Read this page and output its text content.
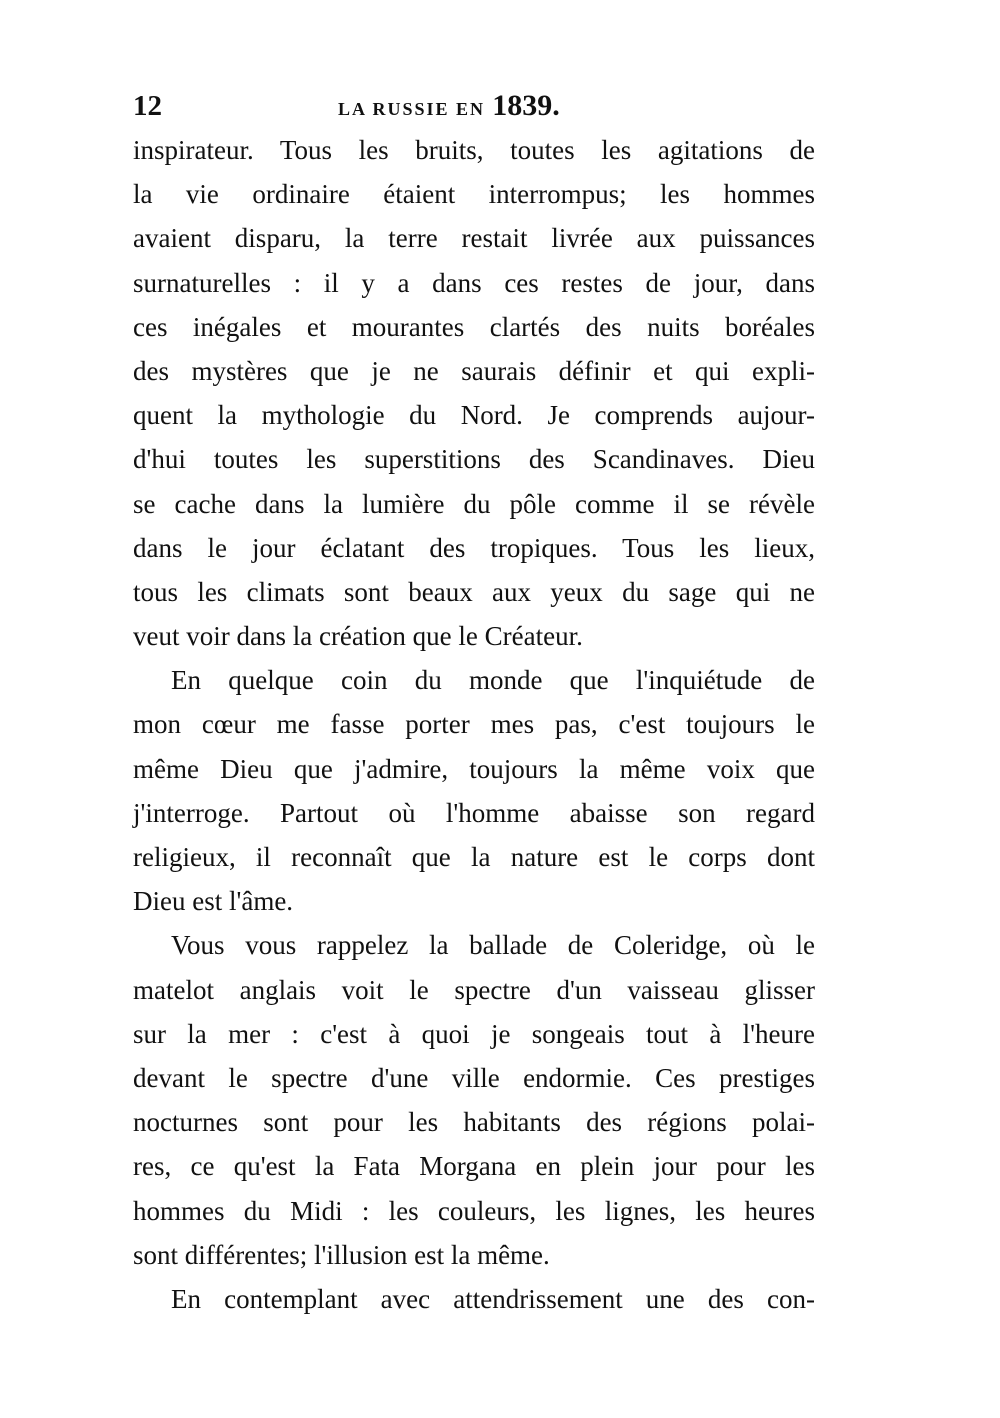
12	LA RUSSIE EN 1839.
inspirateur. Tous les bruits, toutes les agitations de
la vie ordinaire étaient interrompus; les hommes
avaient disparu, la terre restait livrée aux puissances
surnaturelles : il y a dans ces restes de jour, dans
ces inégales et mourantes clartés des nuits boréales
des mystères que je ne saurais définir et qui expli-
quent la mythologie du Nord. Je comprends aujour-
d'hui toutes les superstitions des Scandinaves. Dieu
se cache dans la lumière du pôle comme il se révèle
dans le jour éclatant des tropiques. Tous les lieux,
tous les climats sont beaux aux yeux du sage qui ne
veut voir dans la création que le Créateur.
En quelque coin du monde que l'inquiétude de
mon cœur me fasse porter mes pas, c'est toujours le
même Dieu que j'admire, toujours la même voix que
j'interroge. Partout où l'homme abaisse son regard
religieux, il reconnaît que la nature est le corps dont
Dieu est l'âme.
Vous vous rappelez la ballade de Coleridge, où le
matelot anglais voit le spectre d'un vaisseau glisser
sur la mer : c'est à quoi je songeais tout à l'heure
devant le spectre d'une ville endormie. Ces prestiges
nocturnes sont pour les habitants des régions polai-
res, ce qu'est la Fata Morgana en plein jour pour les
hommes du Midi : les couleurs, les lignes, les heures
sont différentes; l'illusion est la même.
En contemplant avec attendrissement une des con-
